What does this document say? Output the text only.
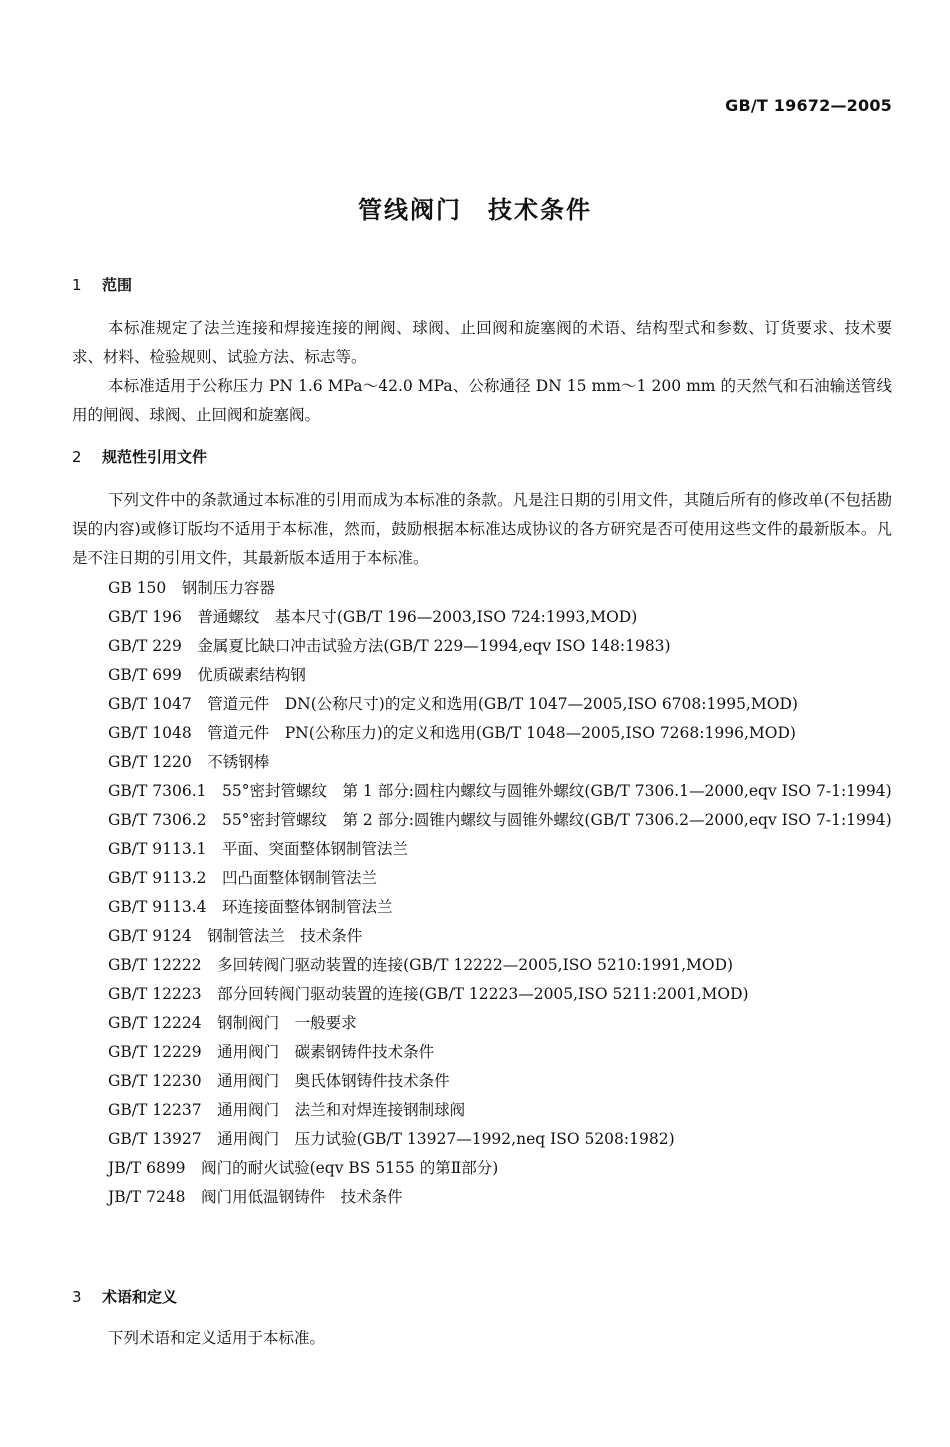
GB/T 19672—2005
管线阀门　技术条件
1 范围

本标准规定了法兰连接和焊接连接的闸阀、球阀、止回阀和旋塞阀的术语、结构型式和参数、订货要求、技术要求、材料、检验规则、试验方法、标志等。

本标准适用于公称压力 PN 1.6 MPa～42.0 MPa、公称通径 DN 15 mm～1 200 mm 的天然气和石油输送管线用的闸阀、球阀、止回阀和旋塞阀。

2 规范性引用文件

下列文件中的条款通过本标准的引用而成为本标准的条款。凡是注日期的引用文件，其随后所有的修改单(不包括勘误的内容)或修订版均不适用于本标准，然而，鼓励根据本标准达成协议的各方研究是否可使用这些文件的最新版本。凡是不注日期的引用文件，其最新版本适用于本标准。

GB 150　 钢制压力容器
GB/T 196　 普通螺纹　基本尺寸(GB/T 196—2003,ISO 724:1993,MOD)
GB/T 229　 金属夏比缺口冲击试验方法(GB/T 229—1994,eqv ISO 148:1983)
GB/T 699　 优质碳素结构钢
GB/T 1047　 管道元件　DN(公称尺寸)的定义和选用(GB/T 1047—2005,ISO 6708:1995,MOD)
GB/T 1048　 管道元件　PN(公称压力)的定义和选用(GB/T 1048—2005,ISO 7268:1996,MOD)
GB/T 1220　 不锈钢棒
GB/T 7306.1　 55°密封管螺纹　第 1 部分:圆柱内螺纹与圆锥外螺纹(GB/T 7306.1—2000,eqv ISO 7-1:1994)
GB/T 7306.2　 55°密封管螺纹　第 2 部分:圆锥内螺纹与圆锥外螺纹(GB/T 7306.2—2000,eqv ISO 7-1:1994)
GB/T 9113.1　 平面、突面整体钢制管法兰
GB/T 9113.2　 凹凸面整体钢制管法兰
GB/T 9113.4　 环连接面整体钢制管法兰
GB/T 9124　 钢制管法兰　技术条件
GB/T 12222　 多回转阀门驱动装置的连接(GB/T 12222—2005,ISO 5210:1991,MOD)
GB/T 12223　 部分回转阀门驱动装置的连接(GB/T 12223—2005,ISO 5211:2001,MOD)
GB/T 12224　 钢制阀门　一般要求
GB/T 12229　 通用阀门　碳素钢铸件技术条件
GB/T 12230　 通用阀门　奥氏体钢铸件技术条件
GB/T 12237　 通用阀门　法兰和对焊连接钢制球阀
GB/T 13927　 通用阀门　压力试验(GB/T 13927—1992,neq ISO 5208:1982)
JB/T 6899　 阀门的耐火试验(eqv BS 5155 的第Ⅱ部分)
JB/T 7248　 阀门用低温钢铸件　技术条件
3 术语和定义

下列术语和定义适用于本标准。
